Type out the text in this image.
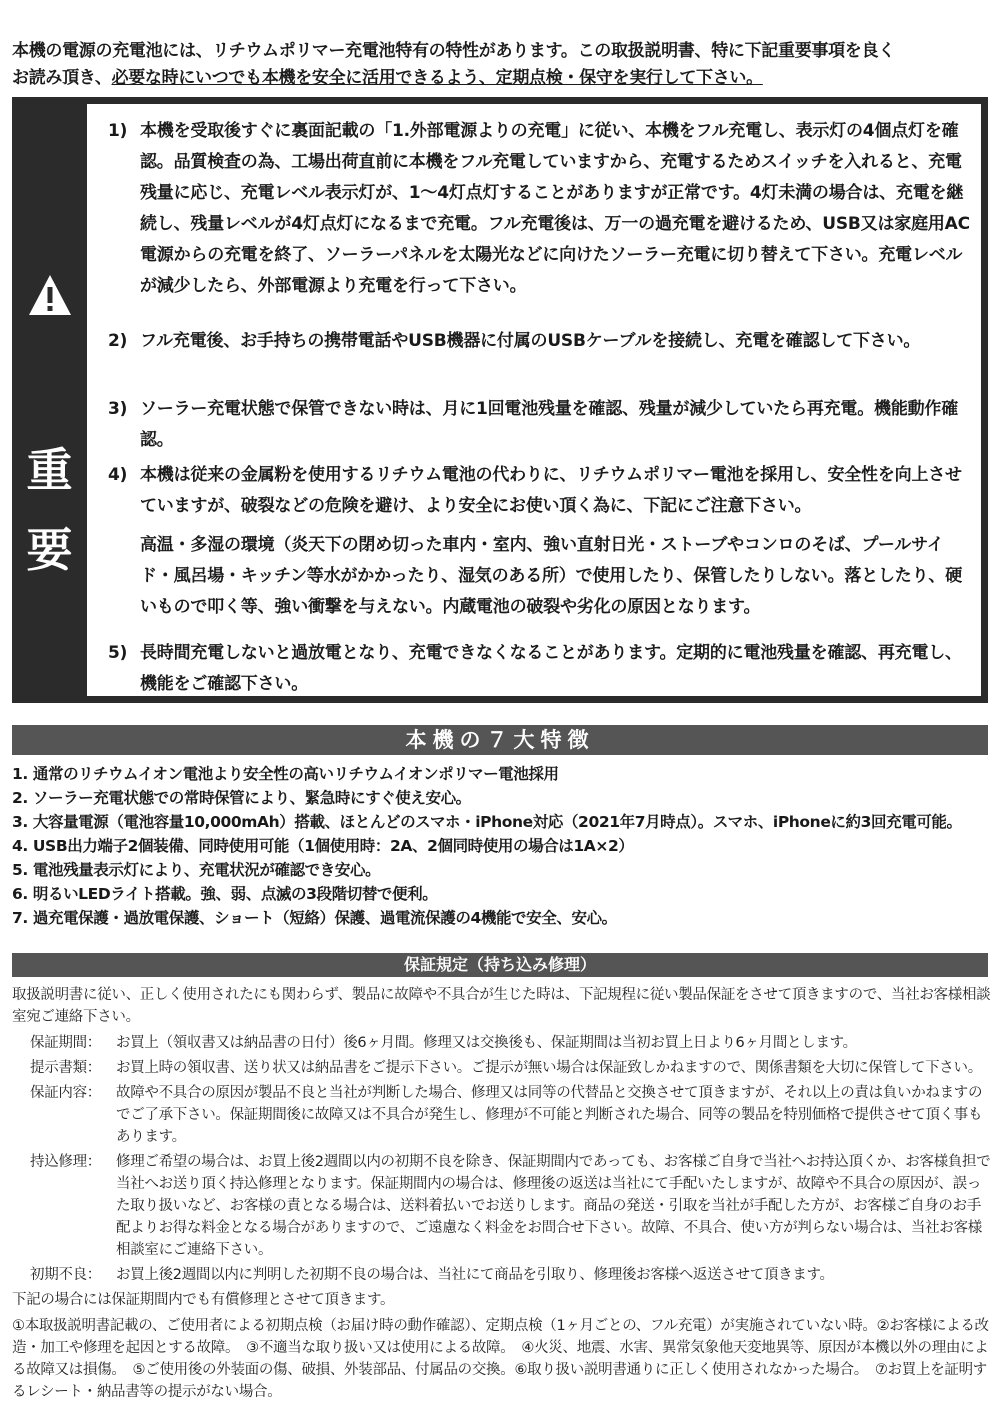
本機の電源の充電池には、リチウムポリマー充電池特有の特性があります。この取扱説明書、特に下記重要事項を良く
お読み頂き、必要な時にいつでも本機を安全に活用できるよう、定期点検・保守を実行して下さい。
重
要
1) 本機を受取後すぐに裏面記載の「1.外部電源よりの充電」に従い、本機をフル充電し、表示灯の4個点灯を確認。品質検査の為、工場出荷直前に本機をフル充電していますから、充電するためスイッチを入れると、充電残量に応じ、充電レベル表示灯が、1〜4灯点灯することがありますが正常です。4灯未満の場合は、充電を継続し、残量レベルが4灯点灯になるまで充電。フル充電後は、万一の過充電を避けるため、USB又は家庭用AC電源からの充電を終了、ソーラーパネルを太陽光などに向けたソーラー充電に切り替えて下さい。充電レベルが減少したら、外部電源より充電を行って下さい。
2) フル充電後、お手持ちの携帯電話やUSB機器に付属のUSBケーブルを接続し、充電を確認して下さい。
3) ソーラー充電状態で保管できない時は、月に1回電池残量を確認、残量が減少していたら再充電。機能動作確認。
4) 本機は従来の金属粉を使用するリチウム電池の代わりに、リチウムポリマー電池を採用し、安全性を向上させていますが、破裂などの危険を避け、より安全にお使い頂く為に、下記にご注意下さい。
高温・多湿の環境（炎天下の閉め切った車内・室内、強い直射日光・ストーブやコンロのそば、プールサイド・風呂場・キッチン等水がかかったり、湿気のある所）で使用したり、保管したりしない。落としたり、硬いもので叩く等、強い衝撃を与えない。内蔵電池の破裂や劣化の原因となります。
5) 長時間充電しないと過放電となり、充電できなくなることがあります。定期的に電池残量を確認、再充電し、機能をご確認下さい。
本機の７大特徴
1. 通常のリチウムイオン電池より安全性の高いリチウムイオンポリマー電池採用
2. ソーラー充電状態での常時保管により、緊急時にすぐ使え安心。
3. 大容量電源（電池容量10,000mAh）搭載、ほとんどのスマホ・iPhone対応（2021年7月時点）。スマホ、iPhoneに約3回充電可能。
4. USB出力端子2個装備、同時使用可能（1個使用時：2A、2個同時使用の場合は1A×2）
5. 電池残量表示灯により、充電状況が確認でき安心。
6. 明るいLEDライト搭載。強、弱、点滅の3段階切替で便利。
7. 過充電保護・過放電保護、ショート（短絡）保護、過電流保護の4機能で安全、安心。
保証規定（持ち込み修理）
取扱説明書に従い、正しく使用されたにも関わらず、製品に故障や不具合が生じた時は、下記規程に従い製品保証をさせて頂きますので、当社お客様相談室宛ご連絡下さい。
保証期間：	お買上（領収書又は納品書の日付）後6ヶ月間。修理又は交換後も、保証期間は当初お買上日より6ヶ月間とします。
提示書類：	お買上時の領収書、送り状又は納品書をご提示下さい。ご提示が無い場合は保証致しかねますので、関係書類を大切に保管して下さい。
保証内容：	故障や不具合の原因が製品不良と当社が判断した場合、修理又は同等の代替品と交換させて頂きますが、それ以上の責は負いかねますのでご了承下さい。保証期間後に故障又は不具合が発生し、修理が不可能と判断された場合、同等の製品を特別価格で提供させて頂く事もあります。
持込修理：	修理ご希望の場合は、お買上後2週間以内の初期不良を除き、保証期間内であっても、お客様ご自身で当社へお持込頂くか、お客様負担で当社へお送り頂く持込修理となります。保証期間内の場合は、修理後の返送は当社にて手配いたしますが、故障や不具合の原因が、誤った取り扱いなど、お客様の責となる場合は、送料着払いでお送りします。商品の発送・引取を当社が手配した方が、お客様ご自身のお手配よりお得な料金となる場合がありますので、ご遠慮なく料金をお問合せ下さい。故障、不具合、使い方が判らない場合は、当社お客様相談室にご連絡下さい。
初期不良：	お買上後2週間以内に判明した初期不良の場合は、当社にて商品を引取り、修理後お客様へ返送させて頂きます。
下記の場合には保証期間内でも有償修理とさせて頂きます。
①本取扱説明書記載の、ご使用者による初期点検（お届け時の動作確認）、定期点検（1ヶ月ごとの、フル充電）が実施されていない時。②お客様による改造・加工や修理を起因とする故障。　③不適当な取り扱い又は使用による故障。　④火災、地震、水害、異常気象他天変地異等、原因が本機以外の理由による故障又は損傷。　⑤ご使用後の外装面の傷、破損、外装部品、付属品の交換。⑥取り扱い説明書通りに正しく使用されなかった場合。　⑦お買上を証明するレシート・納品書等の提示がない場合。
